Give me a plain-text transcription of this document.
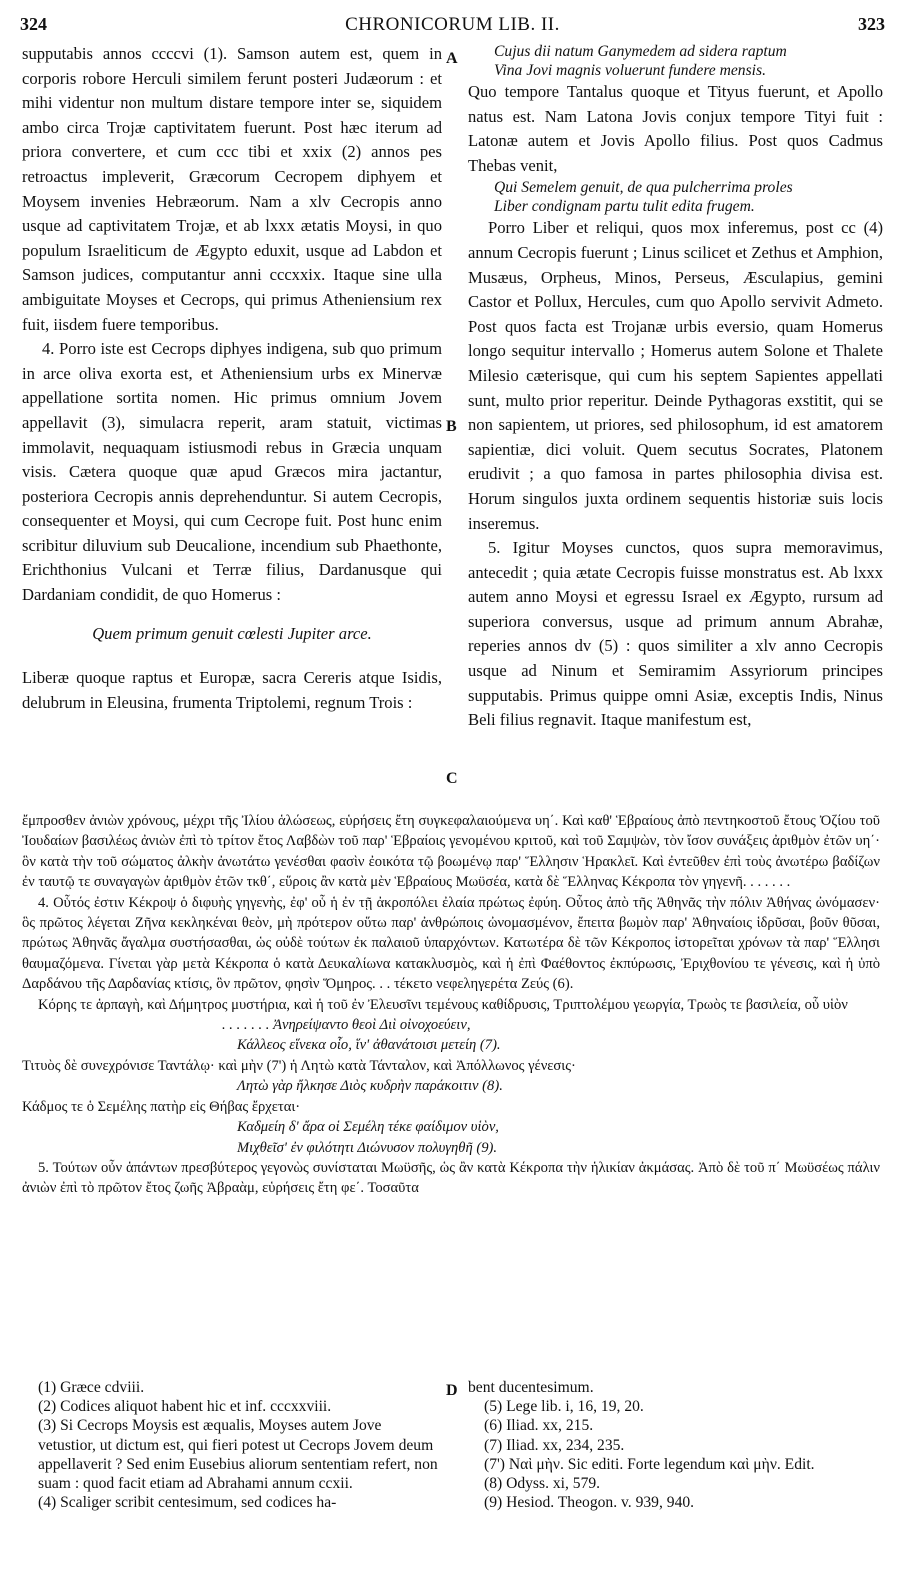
324	CHRONICORUM LIB. II.	323
A
B
C
D

supputabis annos ccccvi (1). Samson autem est, quem in corporis robore Herculi similem ferunt posteri Judæorum : et mihi videntur non multum distare tempore inter se, siquidem ambo circa Trojæ captivitatem fuerunt. Post hæc iterum ad priora convertere, et cum ccc tibi et xxix (2) annos pes retroactus impleverit, Græcorum Cecropem diphyem et Moysem invenies Hebræorum. Nam a xlv Cecropis anno usque ad captivitatem Trojæ, et ab lxxx ætatis Moysi, in quo populum Israeliticum de Ægypto eduxit, usque ad Labdon et Samson judices, computantur anni cccxxix. Itaque sine ulla ambiguitate Moyses et Cecrops, qui primus Atheniensium rex fuit, iisdem fuere temporibus.

4. Porro iste est Cecrops diphyes indigena, sub quo primum in arce oliva exorta est, et Atheniensium urbs ex Minervæ appellatione sortita nomen. Hic primus omnium Jovem appellavit (3), simulacra reperit, aram statuit, victimas immolavit, nequaquam istiusmodi rebus in Græcia unquam visis. Cætera quoque quæ apud Græcos mira jactantur, posteriora Cecropis annis deprehenduntur. Si autem Cecropis, consequenter et Moysi, qui cum Cecrope fuit. Post hunc enim scribitur diluvium sub Deucalione, incendium sub Phaethonte, Erichthonius Vulcani et Terræ filius, Dardanusque qui Dardaniam condidit, de quo Homerus :

Quem primum genuit cœlesti Jupiter arce.

Liberæ quoque raptus et Europæ, sacra Cereris atque Isidis, delubrum in Eleusina, frumenta Triptolemi, regnum Trois :

Cujus dii natum Ganymedem ad sidera raptum

Vina Jovi magnis voluerunt fundere mensis.

Quo tempore Tantalus quoque et Tityus fuerunt, et Apollo natus est. Nam Latona Jovis conjux tempore Tityi fuit : Latonæ autem et Jovis Apollo filius. Post quos Cadmus Thebas venit,

Qui Semelem genuit, de qua pulcherrima proles

Liber condignam partu tulit edita frugem.

Porro Liber et reliqui, quos mox inferemus, post cc (4) annum Cecropis fuerunt ; Linus scilicet et Zethus et Amphion, Musæus, Orpheus, Minos, Perseus, Æsculapius, gemini Castor et Pollux, Hercules, cum quo Apollo servivit Admeto. Post quos facta est Trojanæ urbis eversio, quam Homerus longo sequitur intervallo ; Homerus autem Solone et Thalete Milesio cæterisque, qui cum his septem Sapientes appellati sunt, multo prior reperitur. Deinde Pythagoras exstitit, qui se non sapientem, ut priores, sed philosophum, id est amatorem sapientiæ, dici voluit. Quem secutus Socrates, Platonem erudivit ; a quo famosa in partes philosophia divisa est. Horum singulos juxta ordinem sequentis historiæ suis locis inseremus.

5. Igitur Moyses cunctos, quos supra memoravimus, antecedit ; quia ætate Cecropis fuisse monstratus est. Ab lxxx autem anno Moysi et egressu Israel ex Ægypto, rursum ad superiora conversus, usque ad primum annum Abrahæ, reperies annos dv (5) : quos similiter a xlv anno Cecropis usque ad Ninum et Semiramim Assyriorum principes supputabis. Primus quippe omni Asiæ, exceptis Indis, Ninus Beli filius regnavit. Itaque manifestum est,

ἔμπροσθεν ἀνιὼν χρόνους, μέχρι τῆς Ἰλίου ἁλώσεως, εὑρήσεις ἔτη συγκεφαλαιούμενα υη΄. Καὶ καθ' Ἑβραίους ἀπὸ πεντηκοστοῦ ἔτους Ὀζίου τοῦ Ἰουδαίων βασιλέως ἀνιὼν ἐπὶ τὸ τρίτον ἔτος Λαβδὼν τοῦ παρ' Ἑβραίοις γενομένου κριτοῦ, καὶ τοῦ Σαμψὼν, τὸν ἴσον συνάξεις ἀριθμὸν ἐτῶν υη΄· ὃν κατὰ τὴν τοῦ σώματος ἀλκὴν ἀνωτάτω γενέσθαι φασὶν ἐοικότα τῷ βοωμένῳ παρ' Ἕλλησιν Ἡρακλεῖ. Καὶ ἐντεῦθεν ἐπὶ τοὺς ἀνωτέρω βαδίζων ἐν ταυτῷ τε συναγαγὼν ἀριθμὸν ἐτῶν τκθ΄, εὕροις ἂν κατὰ μὲν Ἑβραίους Μωϋσέα, κατὰ δὲ Ἕλληνας Κέκροπα τὸν γηγενῆ. . . . . . .

4. Οὗτός ἐστιν Κέκροψ ὁ διφυὴς γηγενὴς, ἐφ' οὗ ἡ ἐν τῇ ἀκροπόλει ἐλαία πρώτως ἐφύη. Οὗτος ἀπὸ τῆς Ἀθηνᾶς τὴν πόλιν Ἀθήνας ὠνόμασεν· ὃς πρῶτος λέγεται Ζῆνα κεκληκέναι θεὸν, μὴ πρότερον οὕτω παρ' ἀνθρώποις ὠνομασμένον, ἔπειτα βωμὸν παρ' Ἀθηναίοις ἱδρῦσαι, βοῦν θῦσαι, πρώτως Ἀθηνᾶς ἄγαλμα συστήσασθαι, ὡς οὐδὲ τούτων ἐκ παλαιοῦ ὑπαρχόντων. Κατωτέρα δὲ τῶν Κέκροπος ἱστορεῖται χρόνων τὰ παρ' Ἕλλησι θαυμαζόμενα. Γίνεται γὰρ μετὰ Κέκροπα ὁ κατὰ Δευκαλίωνα κατακλυσμὸς, καὶ ἡ ἐπὶ Φαέθοντος ἐκπύρωσις, Ἐριχθονίου τε γένεσις, καὶ ἡ ὑπὸ Δαρδάνου τῆς Δαρδανίας κτίσις, ὃν πρῶτον, φησὶν Ὅμηρος. . . τέκετο νεφεληγερέτα Ζεύς (6).

Κόρης τε ἁρπαγὴ, καὶ Δήμητρος μυστήρια, καὶ ἡ τοῦ ἐν Ἐλευσῖνι τεμένους καθίδρυσις, Τριπτολέμου γεωργία, Τρωὸς τε βασιλεία, οὗ υἱὸν

. . . . . . . Ἀνηρείψαντο θεοὶ Διὶ οἰνοχοεύειν,

Κάλλεος εἵνεκα οἷο, ἵν' ἀθανάτοισι μετείη (7).

Τιτυὸς δὲ συνεχρόνισε Ταντάλῳ· καὶ μὴν (7') ἡ Λητὼ κατὰ Τάνταλον, καὶ Ἀπόλλωνος γένεσις·

Λητὼ γὰρ ἤλκησε Διὸς κυδρὴν παράκοιτιν (8).

Κάδμος τε ὁ Σεμέλης πατὴρ εἰς Θήβας ἔρχεται·

Καδμείη δ' ἄρα οἱ Σεμέλη τέκε φαίδιμον υἱὸν,

Μιχθεῖσ' ἐν φιλότητι Διώνυσον πολυγηθῆ (9).

5. Τούτων οὖν ἁπάντων πρεσβύτερος γεγονὼς συνίσταται Μωϋσῆς, ὡς ἂν κατὰ Κέκροπα τὴν ἡλικίαν ἀκμάσας. Ἀπὸ δὲ τοῦ π΄ Μωϋσέως πάλιν ἀνιὼν ἐπὶ τὸ πρῶτον ἔτος ζωῆς Ἀβραὰμ, εὑρήσεις ἔτη φε΄. Τοσαῦτα

(1) Græce cdviii.

(2) Codices aliquot habent hic et inf. cccxxviii.

(3) Si Cecrops Moysis est æqualis, Moyses autem Jove vetustior, ut dictum est, qui fieri potest ut Cecrops Jovem deum appellaverit ? Sed enim Eusebius aliorum sententiam refert, non suam : quod facit etiam ad Abrahami annum ccxii.

(4) Scaliger scribit centesimum, sed codices ha-

bent ducentesimum.

(5) Lege lib. i, 16, 19, 20.

(6) Iliad. xx, 215.

(7) Iliad. xx, 234, 235.

(7') Ναὶ μὴν. Sic editi. Forte legendum καὶ μὴν. Edit.

(8) Odyss. xi, 579.

(9) Hesiod. Theogon. v. 939, 940.
